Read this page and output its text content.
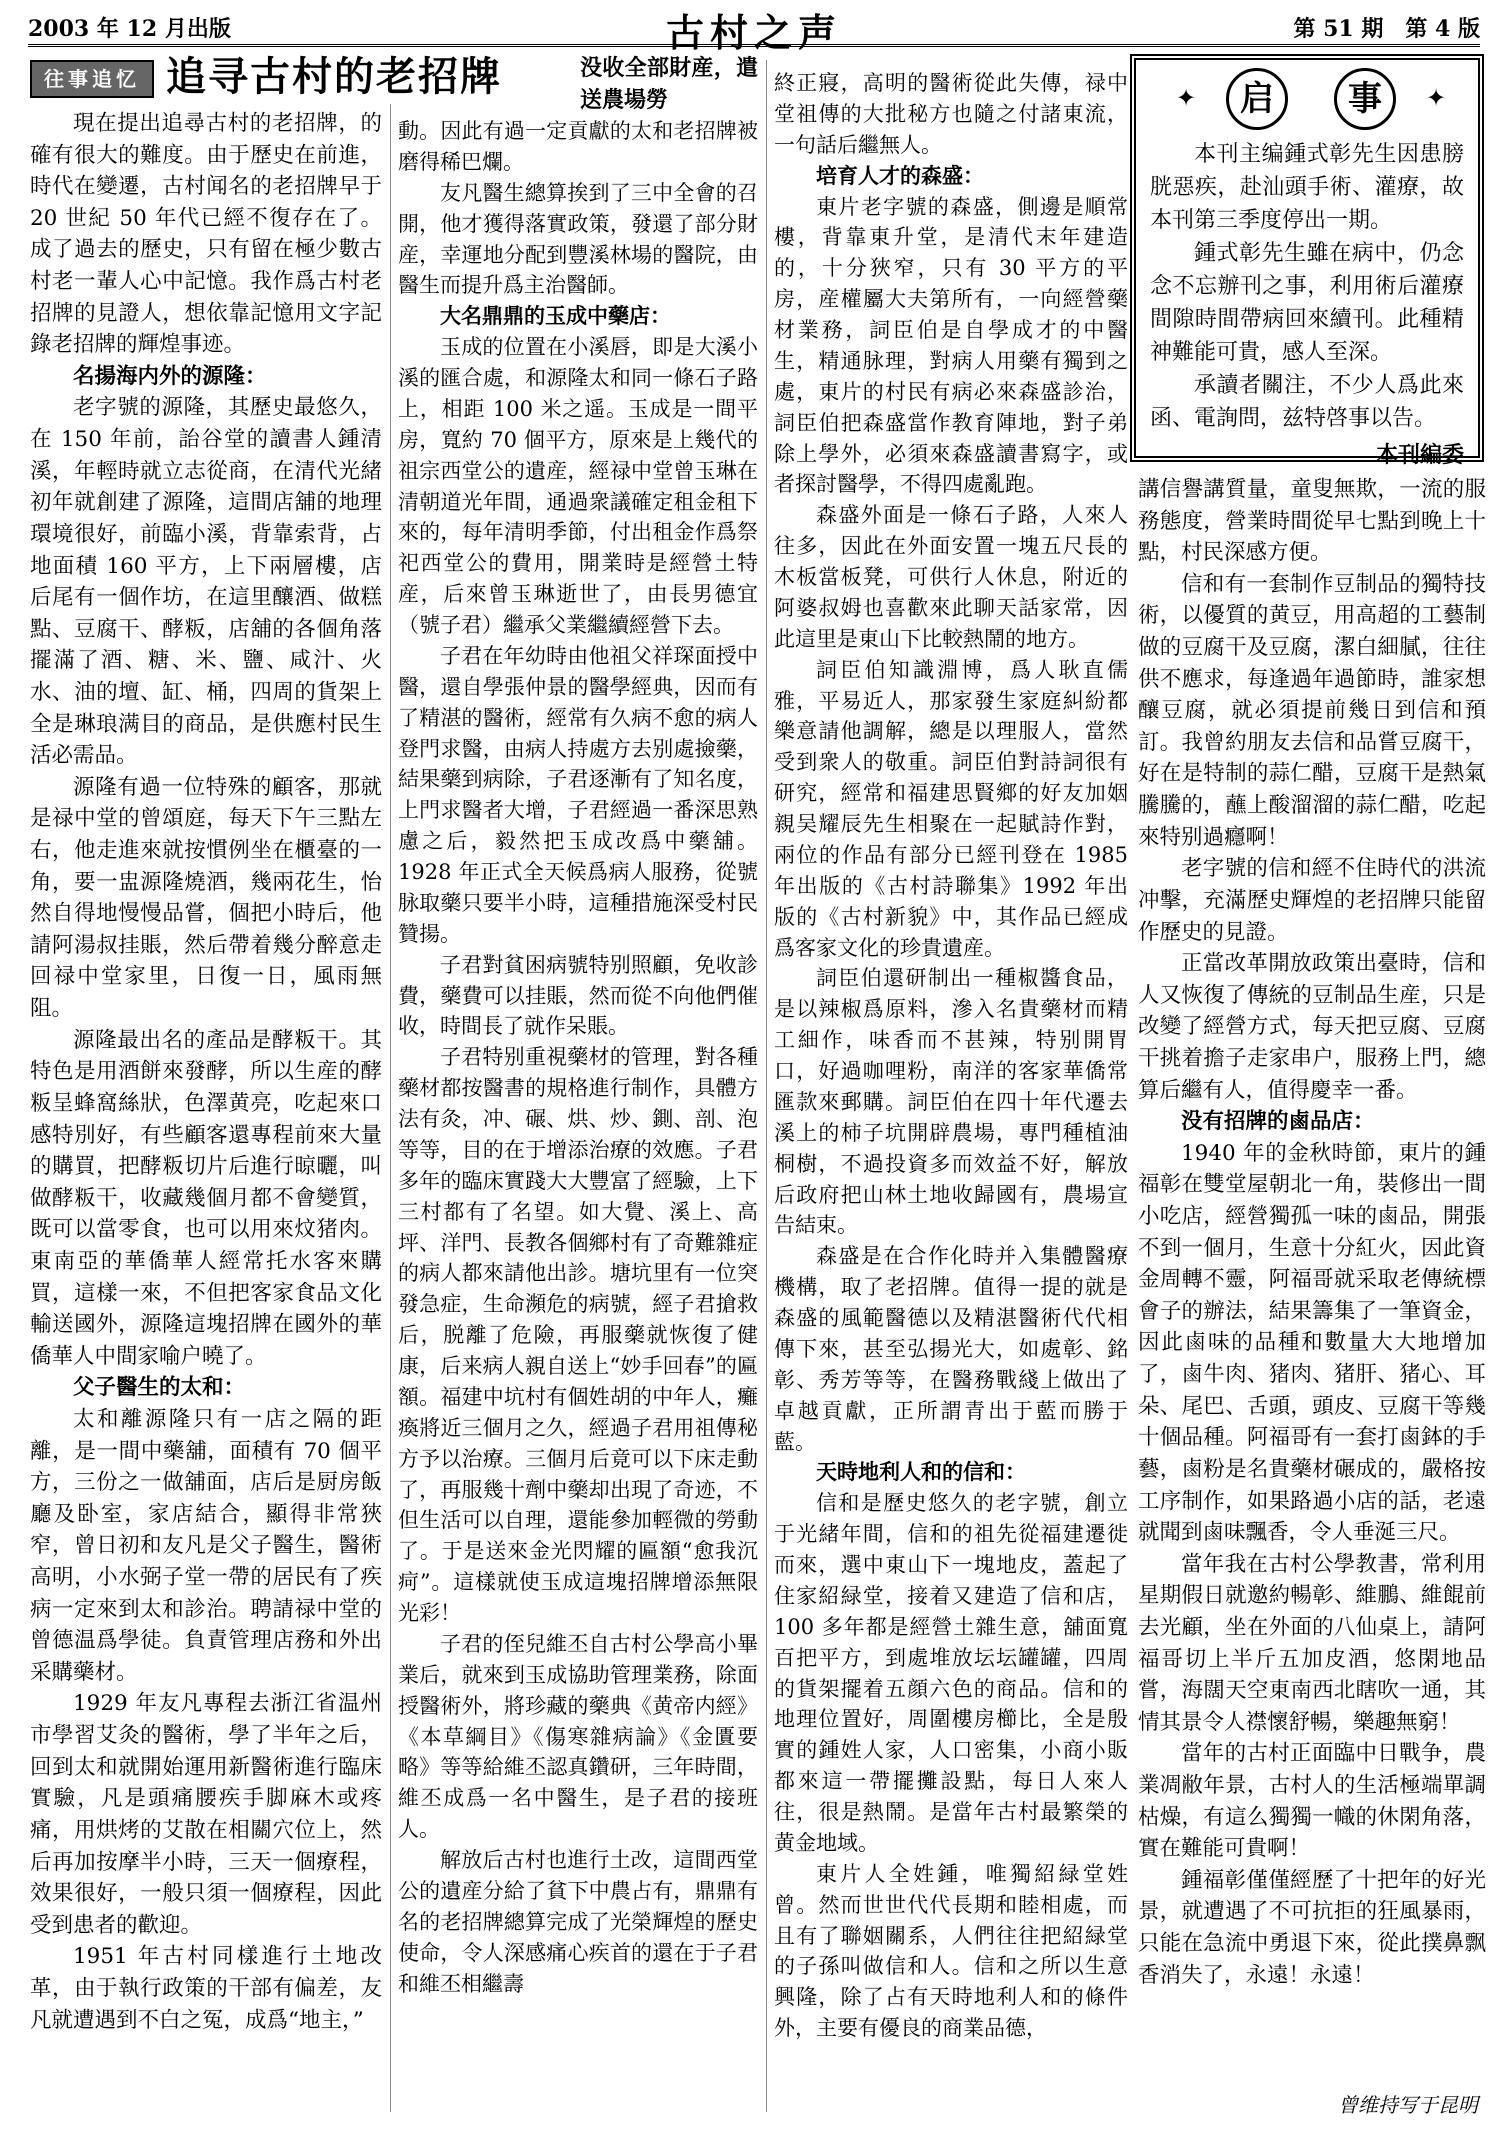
2003 年 12 月出版	古村之声	第 51 期　第 4 版
往事追忆 追寻古村的老招牌

現在提出追尋古村的老招牌，的確有很大的難度。由于歷史在前進，時代在變遷，古村闻名的老招牌早于 20 世紀 50 年代已經不復存在了。成了過去的歷史，只有留在極少數古村老一輩人心中記憶。我作爲古村老招牌的見證人，想依靠記憶用文字記錄老招牌的輝煌事迹。

名揚海内外的源隆：

老字號的源隆，其歷史最悠久，在 150 年前，詒谷堂的讀書人鍾清溪，年輕時就立志從商，在清代光緒初年就創建了源隆，這間店舖的地理環境很好，前臨小溪，背靠索背，占地面積 160 平方，上下兩層樓，店后尾有一個作坊，在這里釀酒、做糕點、豆腐干、酵粄，店舖的各個角落擺滿了酒、糖、米、鹽、咸汁、火水、油的壇、缸、桶，四周的貨架上全是琳琅满目的商品，是供應村民生活必需品。

源隆有過一位特殊的顧客，那就是禄中堂的曾頌庭，每天下午三點左右，他走進來就按慣例坐在櫃臺的一角，要一盅源隆燒酒，幾兩花生，怡然自得地慢慢品嘗，個把小時后，他請阿湯叔挂賬，然后帶着幾分醉意走回禄中堂家里，日復一日，風雨無阻。

源隆最出名的產品是酵粄干。其特色是用酒餅來發酵，所以生産的酵粄呈蜂窩絲狀，色澤黄亮，吃起來口感特別好，有些顧客還專程前來大量的購買，把酵粄切片后進行晾曬，叫做酵粄干，收藏幾個月都不會變質，既可以當零食，也可以用來炆猪肉。東南亞的華僑華人經常托水客來購買，這樣一來，不但把客家食品文化輸送國外，源隆這塊招牌在國外的華僑華人中間家喻户曉了。

父子醫生的太和：

太和離源隆只有一店之隔的距離，是一間中藥舖，面積有 70 個平方，三份之一做舖面，店后是厨房飯廳及卧室，家店結合，顯得非常狹窄，曾日初和友凡是父子醫生，醫術高明，小水弼子堂一帶的居民有了疾病一定來到太和診治。聘請禄中堂的曾德温爲學徒。負責管理店務和外出采購藥材。

1929 年友凡專程去浙江省温州市學習艾灸的醫術，學了半年之后，回到太和就開始運用新醫術進行臨床實驗，凡是頭痛腰疾手脚麻木或疼痛，用烘烤的艾散在相關穴位上，然后再加按摩半小時，三天一個療程，效果很好，一般只須一個療程，因此受到患者的歡迎。

1951 年古村同樣進行土地改革，由于執行政策的干部有偏差，友凡就遭遇到不白之冤，成爲“地主，”

没收全部財産，遣送農場勞

動。因此有過一定貢獻的太和老招牌被磨得稀巴爛。

友凡醫生總算挨到了三中全會的召開，他才獲得落實政策，發還了部分財産，幸運地分配到豐溪林場的醫院，由醫生而提升爲主治醫師。

大名鼎鼎的玉成中藥店：

玉成的位置在小溪唇，即是大溪小溪的匯合處，和源隆太和同一條石子路上，相距 100 米之遥。玉成是一間平房，寬約 70 個平方，原來是上幾代的祖宗西堂公的遺産，經禄中堂曾玉琳在清朝道光年間，通過衆議確定租金租下來的，每年清明季節，付出租金作爲祭祀西堂公的費用，開業時是經營土特産，后來曾玉琳逝世了，由長男德宜（號子君）繼承父業繼續經營下去。

子君在年幼時由他祖父祥琛面授中醫，還自學張仲景的醫學經典，因而有了精湛的醫術，經常有久病不愈的病人登門求醫，由病人持處方去别處撿藥，結果藥到病除，子君逐漸有了知名度，上門求醫者大增，子君經過一番深思熟慮之后，毅然把玉成改爲中藥舖。1928 年正式全天候爲病人服務，從號脉取藥只要半小時，這種措施深受村民贊揚。

子君對貧困病號特别照顧，免收診費，藥費可以挂賬，然而從不向他們催收，時間長了就作呆賬。

子君特别重視藥材的管理，對各種藥材都按醫書的規格進行制作，具體方法有灸，冲、碾、烘、炒、鍘、剖、泡等等，目的在于增添治療的效應。子君多年的臨床實踐大大豐富了經驗，上下三村都有了名望。如大覺、溪上、高坪、洋門、長教各個鄉村有了奇難雜症的病人都來請他出診。塘坑里有一位突發急症，生命瀕危的病號，經子君搶救后，脱離了危險，再服藥就恢復了健康，后来病人親自送上“妙手回春”的匾額。福建中坑村有個姓胡的中年人，癱瘓將近三個月之久，經過子君用祖傳秘方予以治療。三個月后竟可以下床走動了，再服幾十劑中藥却出現了奇迹，不但生活可以自理，還能參加輕微的勞動了。于是送來金光閃耀的匾額“愈我沉疴”。這樣就使玉成這塊招牌增添無限光彩！

子君的侄兒維丕自古村公學高小畢業后，就來到玉成協助管理業務，除面授醫術外，將珍藏的藥典《黄帝内經》《本草綱目》《傷寒雜病論》《金匱要略》等等給維丕認真鑽研，三年時間，維丕成爲一名中醫生，是子君的接班人。

解放后古村也進行土改，這間西堂公的遺産分給了貧下中農占有，鼎鼎有名的老招牌總算完成了光榮輝煌的歷史使命，令人深感痛心疾首的還在于子君和維丕相繼壽

終正寢，高明的醫術從此失傳，禄中堂祖傳的大批秘方也隨之付諸東流，一句話后繼無人。

培育人才的森盛：

東片老字號的森盛，側邊是順常樓，背靠東升堂，是清代末年建造的，十分狹窄，只有 30 平方的平房，産權屬大夫第所有，一向經營藥材業務，詞臣伯是自學成才的中醫生，精通脉理，對病人用藥有獨到之處，東片的村民有病必來森盛診治，詞臣伯把森盛當作教育陣地，對子弟除上學外，必須來森盛讀書寫字，或者探討醫學，不得四處亂跑。

森盛外面是一條石子路，人來人往多，因此在外面安置一塊五尺長的木板當板凳，可供行人休息，附近的阿婆叔姆也喜歡來此聊天話家常，因此這里是東山下比較熱鬧的地方。

詞臣伯知識淵博，爲人耿直儒雅，平易近人，那家發生家庭糾紛都樂意請他調解，總是以理服人，當然受到衆人的敬重。詞臣伯對詩詞很有研究，經常和福建思賢鄉的好友加姻親吴耀辰先生相聚在一起賦詩作對，兩位的作品有部分已經刊登在 1985 年出版的《古村詩聯集》1992 年出版的《古村新貌》中，其作品已經成爲客家文化的珍貴遺産。

詞臣伯還研制出一種椒醬食品，是以辣椒爲原料，滲入名貴藥材而精工細作，味香而不甚辣，特别開胃口，好過咖哩粉，南洋的客家華僑常匯款來郵購。詞臣伯在四十年代遷去溪上的柿子坑開辟農場，專門種植油桐樹，不過投資多而效益不好，解放后政府把山林土地收歸國有，農場宣告結束。

森盛是在合作化時并入集體醫療機構，取了老招牌。值得一提的就是森盛的風範醫德以及精湛醫術代代相傳下來，甚至弘揚光大，如處彰、銘彰、秀芳等等，在醫務戰綫上做出了卓越貢獻，正所謂青出于藍而勝于藍。

天時地利人和的信和：

信和是歷史悠久的老字號，創立于光緒年間，信和的祖先從福建遷徙而來，選中東山下一塊地皮，蓋起了住家紹緑堂，接着又建造了信和店，100 多年都是經營土雜生意，舖面寬百把平方，到處堆放坛坛罐罐，四周的貨架擺着五顔六色的商品。信和的地理位置好，周圍樓房櫛比，全是殷實的鍾姓人家，人口密集，小商小販都來這一帶擺攤設點，每日人來人往，很是熱鬧。是當年古村最繁榮的黄金地域。

東片人全姓鍾，唯獨紹緑堂姓曾。然而世世代代長期和睦相處，而且有了聯姻關系，人們往往把紹緑堂的子孫叫做信和人。信和之所以生意興隆，除了占有天時地利人和的條件外，主要有優良的商業品德，

✦	启	事	✦

本刊主编鍾式彰先生因患膀胱惡疾，赴汕頭手術、灌療，故本刊第三季度停出一期。

鍾式彰先生雖在病中，仍念念不忘辦刊之事，利用術后灌療間隙時間帶病回來續刊。此種精神難能可貴，感人至深。

承讀者關注，不少人爲此來函、電詢問，兹特啓事以告。

本刊編委

講信譽講質量，童叟無欺，一流的服務態度，營業時間從早七點到晚上十點，村民深感方便。

信和有一套制作豆制品的獨特技術，以優質的黄豆，用高超的工藝制做的豆腐干及豆腐，潔白細膩，往往供不應求，每逢過年過節時，誰家想釀豆腐，就必須提前幾日到信和預訂。我曾約朋友去信和品嘗豆腐干，好在是特制的蒜仁醋，豆腐干是熱氣騰騰的，蘸上酸溜溜的蒜仁醋，吃起來特别過癮啊！

老字號的信和經不住時代的洪流冲擊，充滿歷史輝煌的老招牌只能留作歷史的見證。

正當改革開放政策出臺時，信和人又恢復了傳統的豆制品生産，只是改變了經營方式，每天把豆腐、豆腐干挑着擔子走家串户，服務上門，總算后繼有人，值得慶幸一番。

没有招牌的鹵品店：

1940 年的金秋時節，東片的鍾福彰在雙堂屋朝北一角，裝修出一間小吃店，經營獨孤一味的鹵品，開張不到一個月，生意十分紅火，因此資金周轉不靈，阿福哥就采取老傳統標會子的辦法，結果籌集了一筆資金，因此鹵味的品種和數量大大地增加了，鹵牛肉、猪肉、猪肝、猪心、耳朵、尾巴、舌頭，頭皮、豆腐干等幾十個品種。阿福哥有一套打鹵鉢的手藝，鹵粉是名貴藥材碾成的，嚴格按工序制作，如果路過小店的話，老遠就聞到鹵味飄香，令人垂涎三尺。

當年我在古村公學教書，常利用星期假日就邀約暢彰、維鵬、維餛前去光顧，坐在外面的八仙桌上，請阿福哥切上半斤五加皮酒，悠閑地品嘗，海闊天空東南西北瞎吹一通，其情其景令人襟懷舒暢，樂趣無窮！

當年的古村正面臨中日戰争，農業凋敝年景，古村人的生活極端單調枯燥，有這么獨獨一幟的休閑角落，實在難能可貴啊！

鍾福彰僅僅經歷了十把年的好光景，就遭遇了不可抗拒的狂風暴雨，只能在急流中勇退下來，從此撲鼻飘香消失了，永遠！永遠！

曾维持写于昆明
